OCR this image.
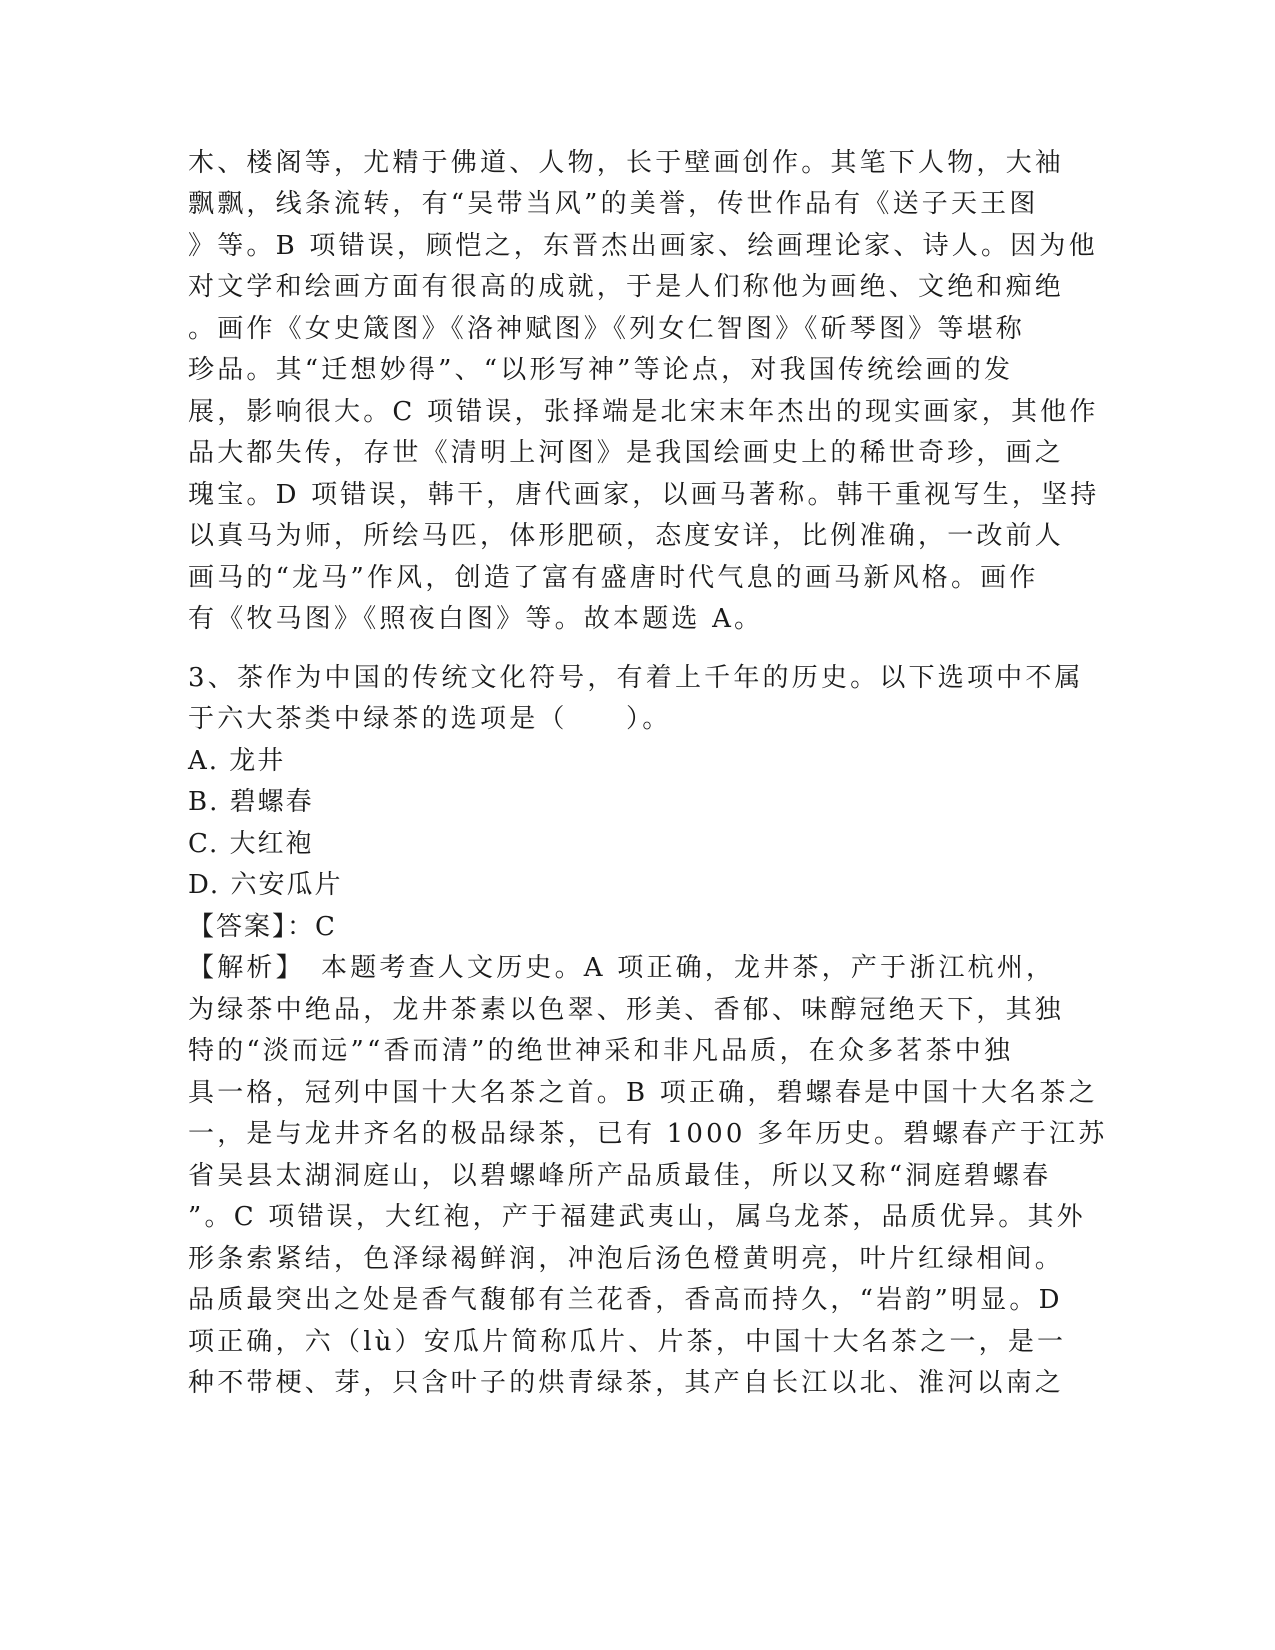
木、楼阁等，尤精于佛道、人物，长于壁画创作。其笔下人物，大袖
飘飘，线条流转，有“吴带当风”的美誉，传世作品有《送子天王图
》等。B 项错误，顾恺之，东晋杰出画家、绘画理论家、诗人。因为他
对文学和绘画方面有很高的成就，于是人们称他为画绝、文绝和痴绝
。画作《女史箴图》《洛神赋图》《列女仁智图》《斫琴图》等堪称
珍品。其“迁想妙得”、“以形写神”等论点，对我国传统绘画的发
展，影响很大。C 项错误，张择端是北宋末年杰出的现实画家，其他作
品大都失传，存世《清明上河图》是我国绘画史上的稀世奇珍，画之
瑰宝。D 项错误，韩干，唐代画家，以画马著称。韩干重视写生，坚持
以真马为师，所绘马匹，体形肥硕，态度安详，比例准确，一改前人
画马的“龙马”作风，创造了富有盛唐时代气息的画马新风格。画作
有《牧马图》《照夜白图》等。故本题选 A。
3、茶作为中国的传统文化符号，有着上千年的历史。以下选项中不属
于六大茶类中绿茶的选项是（　　）。
A. 龙井
B. 碧螺春
C. 大红袍
D. 六安瓜片
【答案】：C
【解析】　本题考查人文历史。A 项正确，龙井茶，产于浙江杭州，
为绿茶中绝品，龙井茶素以色翠、形美、香郁、味醇冠绝天下，其独
特的“淡而远”“香而清”的绝世神采和非凡品质，在众多茗茶中独
具一格，冠列中国十大名茶之首。B 项正确，碧螺春是中国十大名茶之
一，是与龙井齐名的极品绿茶，已有 1000 多年历史。碧螺春产于江苏
省吴县太湖洞庭山，以碧螺峰所产品质最佳，所以又称“洞庭碧螺春
”。C 项错误，大红袍，产于福建武夷山，属乌龙茶，品质优异。其外
形条索紧结，色泽绿褐鲜润，冲泡后汤色橙黄明亮，叶片红绿相间。
品质最突出之处是香气馥郁有兰花香，香高而持久，“岩韵”明显。D
项正确，六（lù）安瓜片简称瓜片、片茶，中国十大名茶之一，是一
种不带梗、芽，只含叶子的烘青绿茶，其产自长江以北、淮河以南之
